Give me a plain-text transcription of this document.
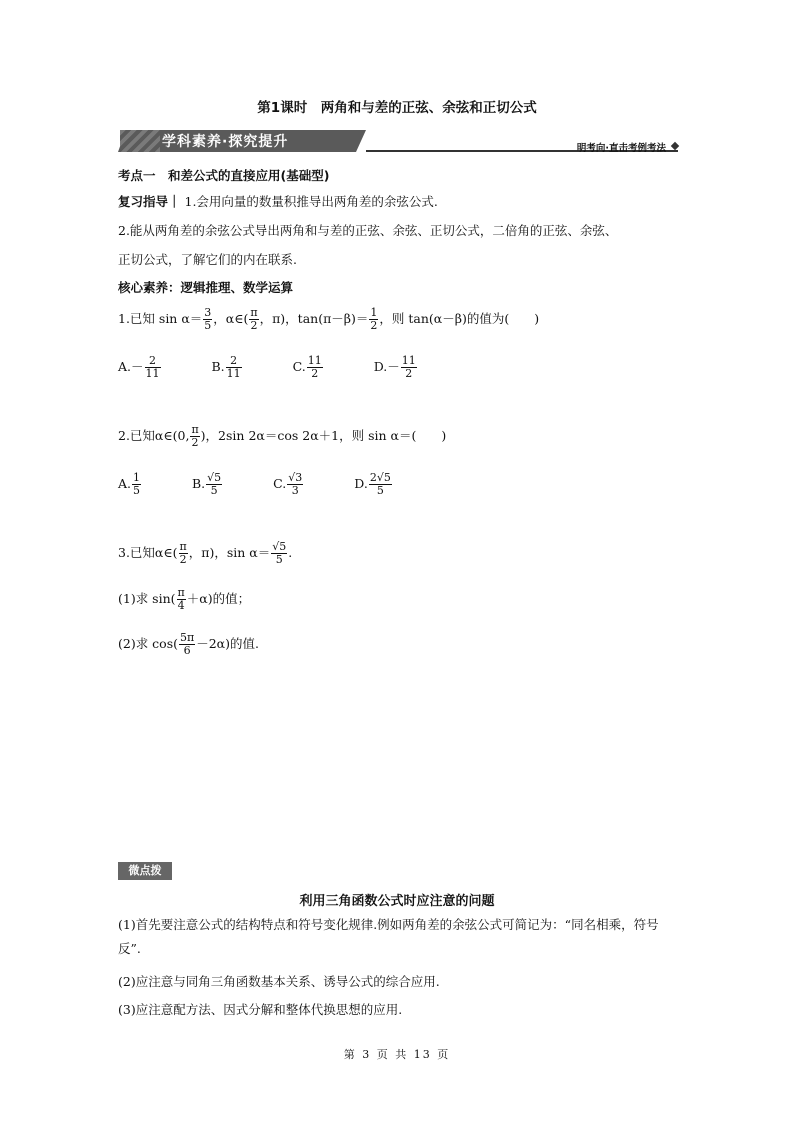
第1课时　两角和与差的正弦、余弦和正切公式
学科素养·探究提升	明考向·直击考例考法
考点一　和差公式的直接应用(基础型)
复习指导｜ 1.会用向量的数量积推导出两角差的余弦公式.
2.能从两角差的余弦公式导出两角和与差的正弦、余弦、正切公式，二倍角的正弦、余弦、
正切公式，了解它们的内在联系.
核心素养：逻辑推理、数学运算
1.已知 $\sin \alpha= \frac{3}{5}$ ，α∈( $\frac{\pi}{2}$ ，π)，$\tan(\pi-\beta)= \frac{1}{2}$ ，则 tan(α－β)的值为(　　)
$A.- \frac{2}{11}$	B. $\frac{2}{11}$	C. $\frac{11}{2}$	$D.- \frac{11}{2}$
2.已知α∈(0, $\frac{\pi}{2}$ )，2sin 2α＝cos 2α＋1，则 sin α＝(　　)
A. $\frac{1}{5}$	B. $\frac{√5}{5}$	C. $\frac{√3}{3}$	D. $\frac{2√5}{5}$
3.已知α∈( $\frac{\pi}{2}$ ，π)，$\sin \alpha= \frac{√5}{5}$ .
(1)求 $\sin( \frac{\pi}{4} +\alpha)$的值；
(2)求 $\cos( \frac{5\pi}{6} -2\alpha)$的值.
微点拨
利用三角函数公式时应注意的问题
(1)首先要注意公式的结构特点和符号变化规律.例如两角差的余弦公式可简记为：“同名相乘，符号反”.
(2)应注意与同角三角函数基本关系、诱导公式的综合应用.
(3)应注意配方法、因式分解和整体代换思想的应用.
第 3 页 共 13 页
